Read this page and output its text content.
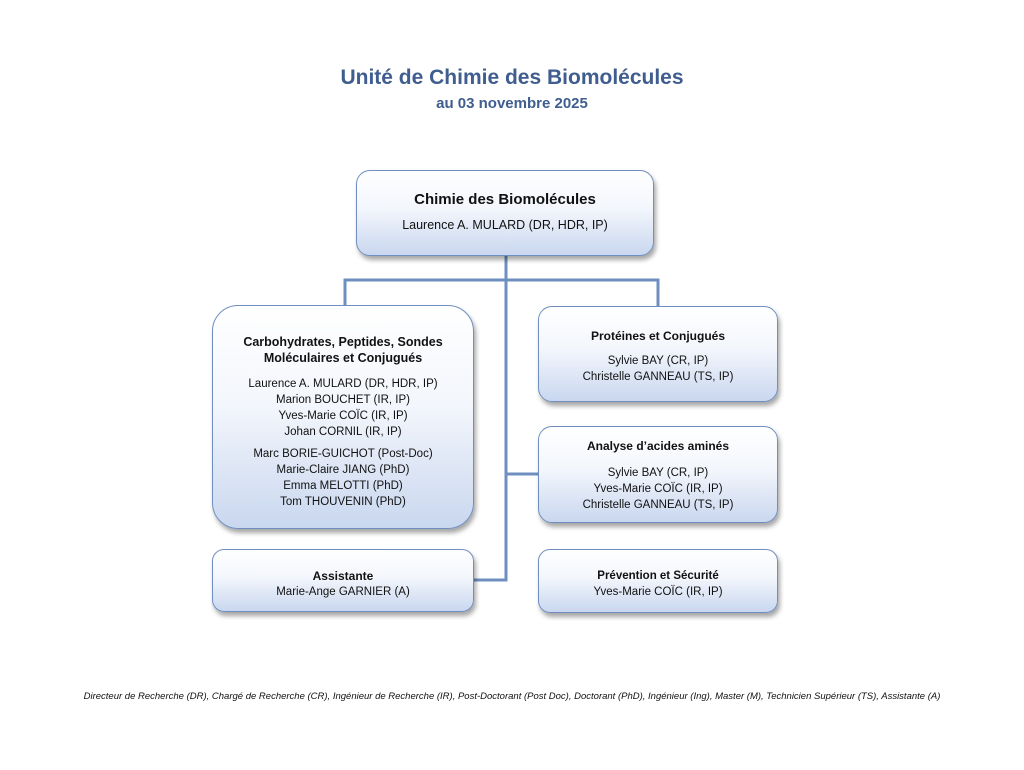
Unité de Chimie des Biomolécules
au 03 novembre 2025
Chimie des Biomolécules
Laurence A. MULARD (DR, HDR, IP)
Carbohydrates, Peptides, Sondes Moléculaires et Conjugués
Laurence A. MULARD (DR, HDR, IP)
Marion BOUCHET (IR, IP)
Yves-Marie COÏC (IR, IP)
Johan CORNIL (IR, IP)
Marc BORIE-GUICHOT (Post-Doc)
Marie-Claire JIANG (PhD)
Emma MELOTTI (PhD)
Tom THOUVENIN (PhD)
Protéines et Conjugués
Sylvie BAY (CR, IP)
Christelle GANNEAU (TS, IP)
Analyse d’acides aminés
Sylvie BAY (CR, IP)
Yves-Marie COÏC (IR, IP)
Christelle GANNEAU (TS, IP)
Assistante
Marie-Ange GARNIER (A)
Prévention et Sécurité
Yves-Marie COÏC (IR, IP)
Directeur de Recherche (DR), Chargé de Recherche (CR), Ingénieur de Recherche (IR), Post-Doctorant (Post Doc), Doctorant (PhD), Ingénieur (Ing), Master (M), Technicien Supérieur (TS), Assistante (A)
